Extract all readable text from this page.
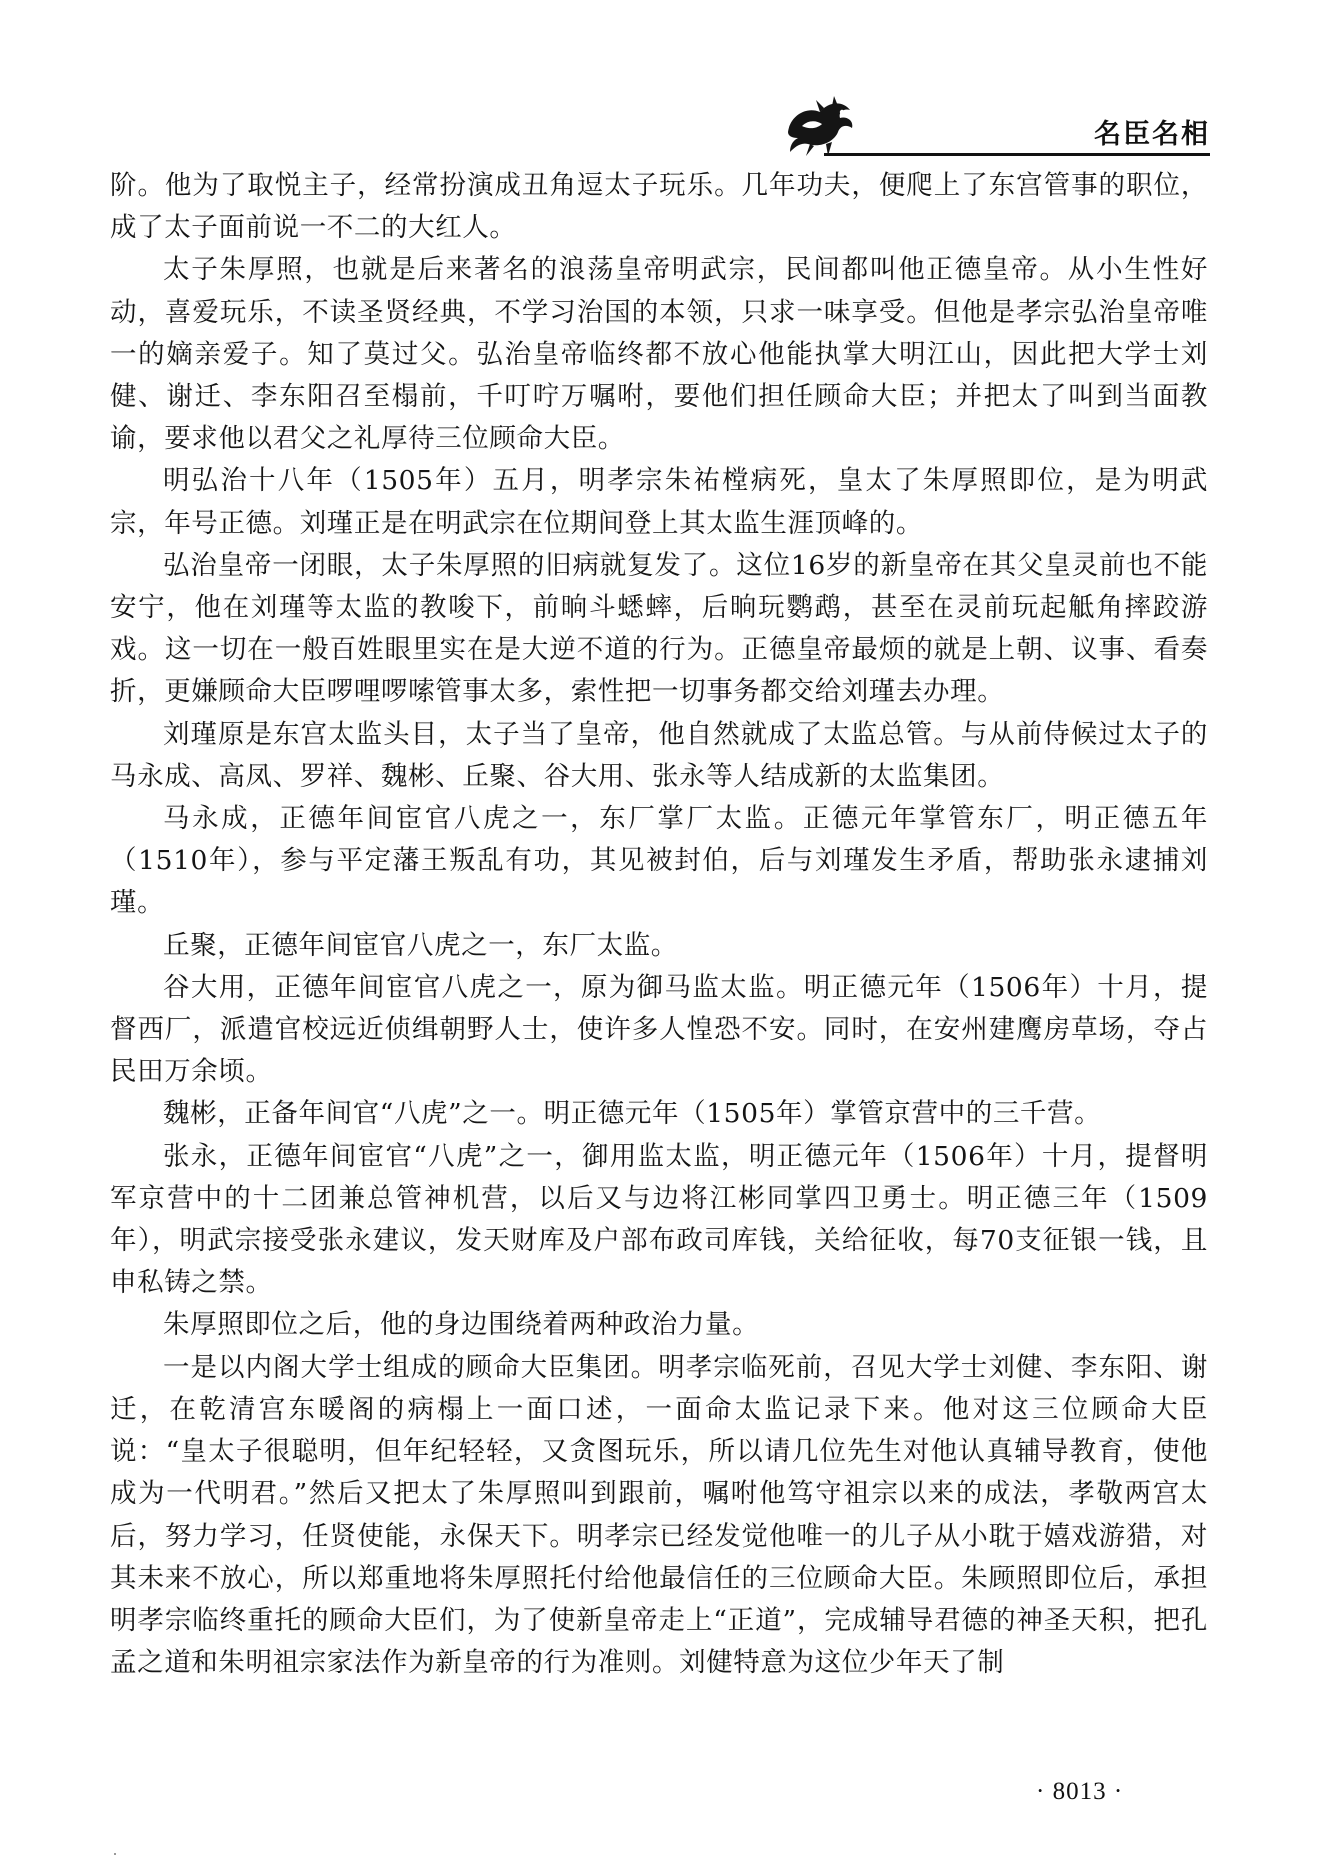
名臣名相

阶。他为了取悦主子，经常扮演成丑角逗太子玩乐。几年功夫，便爬上了东宫管事的职位，成了太子面前说一不二的大红人。

太子朱厚照，也就是后来著名的浪荡皇帝明武宗，民间都叫他正德皇帝。从小生性好动，喜爱玩乐，不读圣贤经典，不学习治国的本领，只求一味享受。但他是孝宗弘治皇帝唯一的嫡亲爱子。知了莫过父。弘治皇帝临终都不放心他能执掌大明江山，因此把大学士刘健、谢迁、李东阳召至榻前，千叮咛万嘱咐，要他们担任顾命大臣；并把太了叫到当面教谕，要求他以君父之礼厚待三位顾命大臣。

明弘治十八年（1505年）五月，明孝宗朱祐樘病死，皇太了朱厚照即位，是为明武宗，年号正德。刘瑾正是在明武宗在位期间登上其太监生涯顶峰的。

弘治皇帝一闭眼，太子朱厚照的旧病就复发了。这位16岁的新皇帝在其父皇灵前也不能安宁，他在刘瑾等太监的教唆下，前晌斗蟋蟀，后晌玩鹦鹉，甚至在灵前玩起觝角摔跤游戏。这一切在一般百姓眼里实在是大逆不道的行为。正德皇帝最烦的就是上朝、议事、看奏折，更嫌顾命大臣啰哩啰嗦管事太多，索性把一切事务都交给刘瑾去办理。

刘瑾原是东宫太监头目，太子当了皇帝，他自然就成了太监总管。与从前侍候过太子的马永成、高凤、罗祥、魏彬、丘聚、谷大用、张永等人结成新的太监集团。

马永成，正德年间宦官八虎之一，东厂掌厂太监。正德元年掌管东厂，明正德五年（1510年），参与平定藩王叛乱有功，其见被封伯，后与刘瑾发生矛盾，帮助张永逮捕刘瑾。

丘聚，正德年间宦官八虎之一，东厂太监。

谷大用，正德年间宦官八虎之一，原为御马监太监。明正德元年（1506年）十月，提督西厂，派遣官校远近侦缉朝野人士，使许多人惶恐不安。同时，在安州建鹰房草场，夺占民田万余顷。

魏彬，正备年间官“八虎”之一。明正德元年（1505年）掌管京营中的三千营。

张永，正德年间宦官“八虎”之一，御用监太监，明正德元年（1506年）十月，提督明军京营中的十二团兼总管神机营，以后又与边将江彬同掌四卫勇士。明正德三年（1509年），明武宗接受张永建议，发天财库及户部布政司库钱，关给征收，每70支征银一钱，且申私铸之禁。

朱厚照即位之后，他的身边围绕着两种政治力量。

一是以内阁大学士组成的顾命大臣集团。明孝宗临死前，召见大学士刘健、李东阳、谢迁，在乾清宫东暖阁的病榻上一面口述，一面命太监记录下来。他对这三位顾命大臣说：“皇太子很聪明，但年纪轻轻，又贪图玩乐，所以请几位先生对他认真辅导教育，使他成为一代明君。”然后又把太了朱厚照叫到跟前，嘱咐他笃守祖宗以来的成法，孝敬两宫太后，努力学习，任贤使能，永保天下。明孝宗已经发觉他唯一的儿子从小耽于嬉戏游猎，对其未来不放心，所以郑重地将朱厚照托付给他最信任的三位顾命大臣。朱顾照即位后，承担明孝宗临终重托的顾命大臣们，为了使新皇帝走上“正道”，完成辅导君德的神圣天积，把孔孟之道和朱明祖宗家法作为新皇帝的行为准则。刘健特意为这位少年天了制

· 8013 ·
